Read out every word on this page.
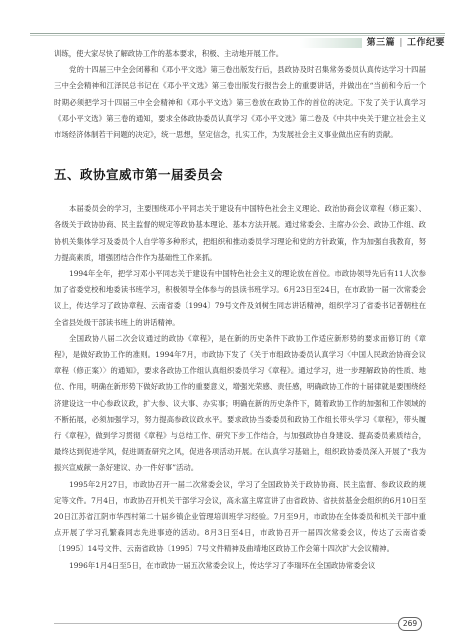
第三篇 | 工作纪要

训练，使大家尽快了解政协工作的基本要求，积极、主动地开展工作。

党的十四届三中全会闭幕和《邓小平文选》第三卷出版发行后，县政协及时召集常务委员认真传达学习十四届三中全会精神和江泽民总书记在《邓小平文选》第三卷出版发行报告会上的重要讲话，并做出在“当前和今后一个时期必须把学习十四届三中全会精神和《邓小平文选》第三卷放在政协工作的首位的决定。下发了关于认真学习《邓小平文选》第三卷的通知，要求全体政协委员认真学习《邓小平文选》第二卷及《中共中央关于建立社会主义市场经济体制若干问题的决定》，统一思想，坚定信念，扎实工作，为发展社会主义事业做出应有的贡献。

五、政协宣威市第一届委员会

本届委员会的学习，主要围绕邓小平同志关于建设有中国特色社会主义理论、政治协商会议章程（修正案）、各级关于政协协商、民主监督的规定等政协基本理论、基本方法开展。通过常委会、主席办公会、政协工作组、政协机关集体学习及委员个人自学等多种形式，把组织和推动委员学习理论和党的方针政策，作为加强自我教育，努力提高素质，增强团结合作作为基础性工作来抓。

1994年全年，把学习邓小平同志关于建设有中国特色社会主义的理论放在首位。市政协领导先后有11人次参加了省委党校和地委读书班学习，积极领导全体参与的县读书班学习。6月23日至24日，在市政协一届一次常委会议上，传达学习了政协章程、云南省委〔1994〕79号文件及刘树生同志讲话精神，组织学习了省委书记普朝柱在全省县处级干部读书班上的讲话精神。

全国政协八届二次会议通过的政协《章程》，是在新的历史条件下政协工作适应新形势的要求而修订的《章程》，是做好政协工作的准则。1994年7月，市政协下发了《关于市组政协委员认真学习〈中国人民政治协商会议章程（修正案）〉的通知》，要求各政协工作组认真组织委员学习《章程》。通过学习，进一步理解政协的性质、地位、作用，明确在新形势下做好政协工作的重要意义，增强光荣感、责任感，明确政协工作的十届律就是要围绕经济建设这一中心参政议政，扩大参、议大事、办实事；明确在新的历史条件下，随着政协工作的加强和工作领域的不断拓展，必须加强学习，努力提高参政议政水平。要求政协当委委员和政协工作组长带头学习《章程》，带头履行《章程》，做到学习贯彻《章程》与总结工作、研究下步工作结合，与加强政协自身建设、提高委员素质结合，最终达到促进学风，促进调查研究之风，促进各项活动开展。在认真学习基础上，组织政协委员深入开展了“我为振兴宣威献一条好建议、办一件好事”活动。

1995年2月27日，市政协召开一届二次常委会议，学习了全国政协关于政协协商、民主监督、参政议政的规定等文件。7月4日，市政协召开机关干部学习会议，高永富主席宣讲了由省政协、省扶贫基金会组织的6月10日至20日江苏省江阴市华西村第二十届乡镇企业管理培训班学习经验。7月至9月，市政协在全体委员和机关干部中重点开展了学习孔繁森同志先进事迹的活动。8月3日至4日，市政协召开一届四次常委会议，传达了云南省委〔1995〕14号文件、云南省政协〔1995〕7号文件精神及曲靖地区政协工作会第十四次扩大会议精神。

1996年1月4日至5日，在市政协一届五次常委会议上，传达学习了李瑞环在全国政协常委会议

269
